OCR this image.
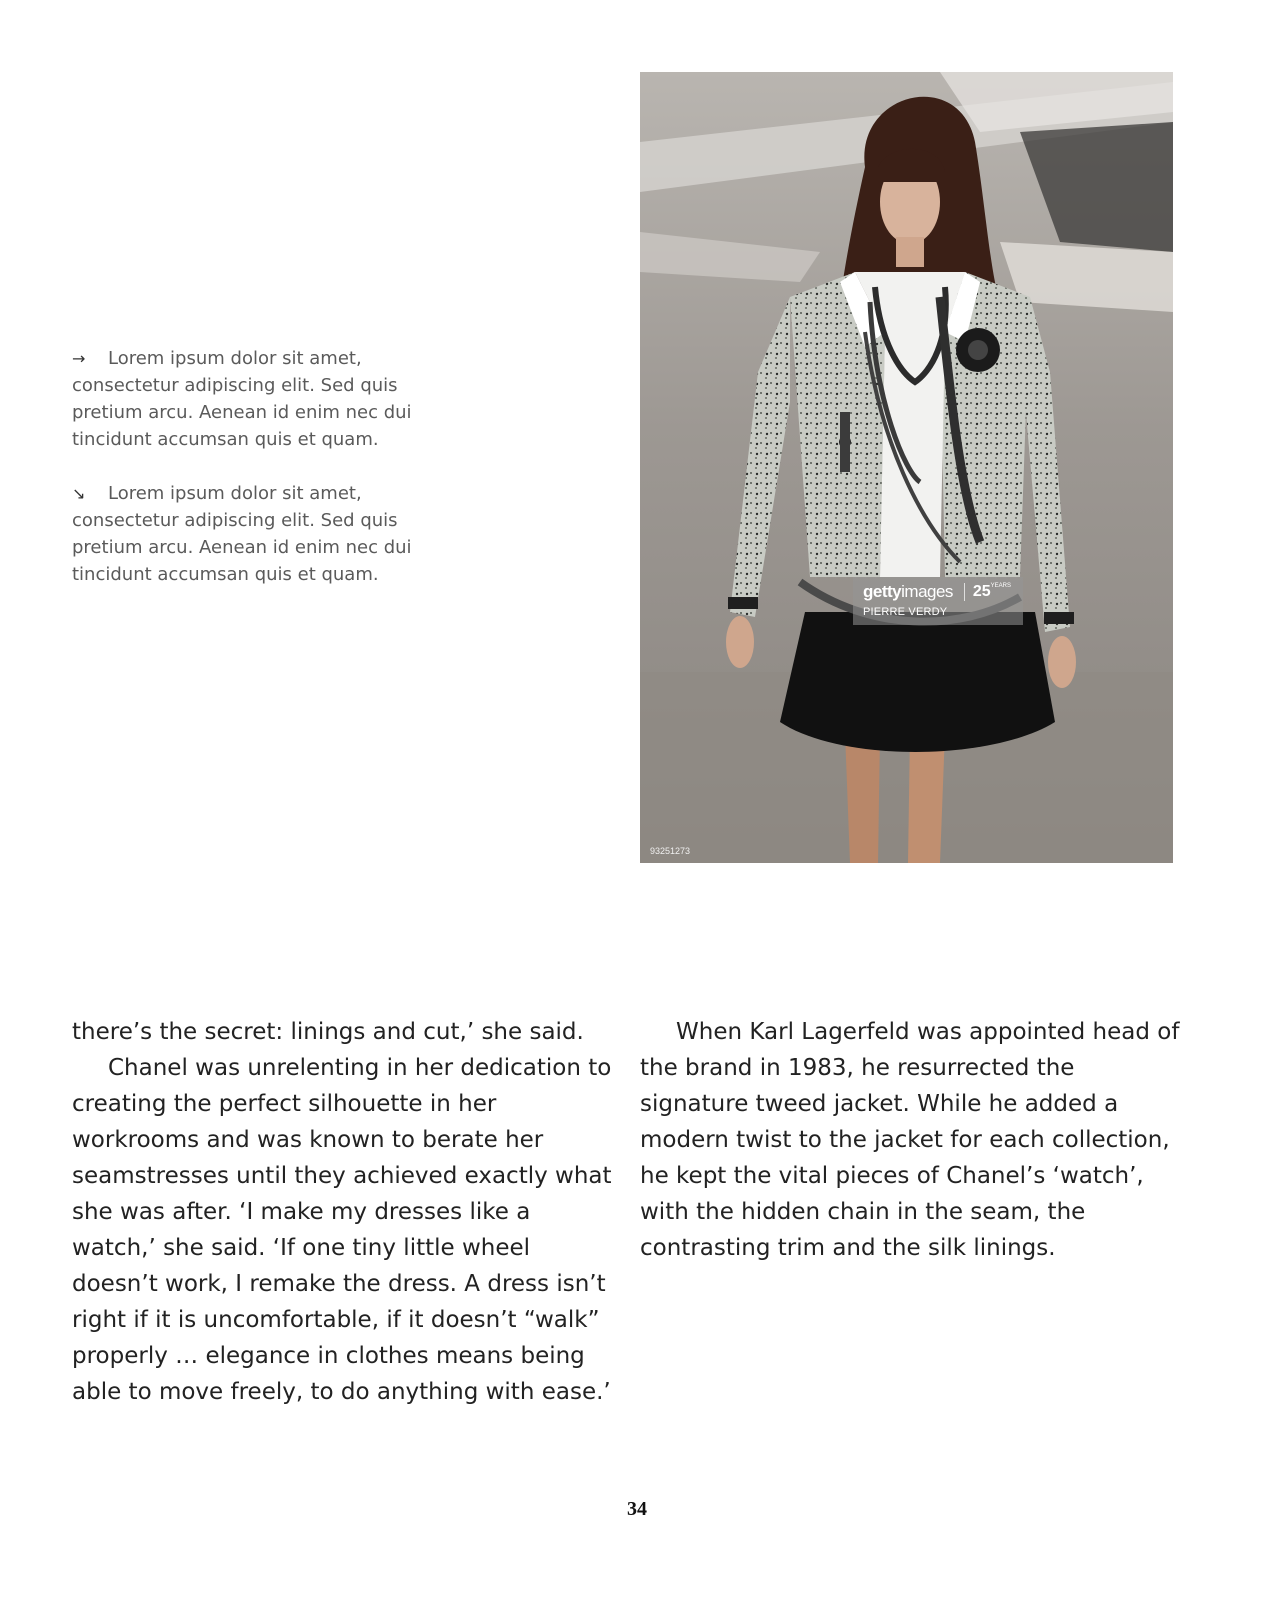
→ Lorem ipsum dolor sit amet, consectetur adipiscing elit. Sed quis pretium arcu. Aenean id enim nec dui tincidunt accumsan quis et quam.

↘ Lorem ipsum dolor sit amet, consectetur adipiscing elit. Sed quis pretium arcu. Aenean id enim nec dui tincidunt accumsan quis et quam.

gettyimages	$25^{YEARS}$
PIERRE VERDY
93251273

there’s the secret: linings and cut,’ she said.

Chanel was unrelenting in her dedication to creating the perfect silhouette in her workrooms and was known to berate her seamstresses until they achieved exactly what she was after. ‘I make my dresses like a watch,’ she said. ‘If one tiny little wheel doesn’t work, I remake the dress. A dress isn’t right if it is uncomfortable, if it doesn’t “walk” properly … elegance in clothes means being able to move freely, to do anything with ease.’

When Karl Lagerfeld was appointed head of the brand in 1983, he resurrected the signature tweed jacket. While he added a modern twist to the jacket for each collection, he kept the vital pieces of Chanel’s ‘watch’, with the hidden chain in the seam, the contrasting trim and the silk linings.

34
